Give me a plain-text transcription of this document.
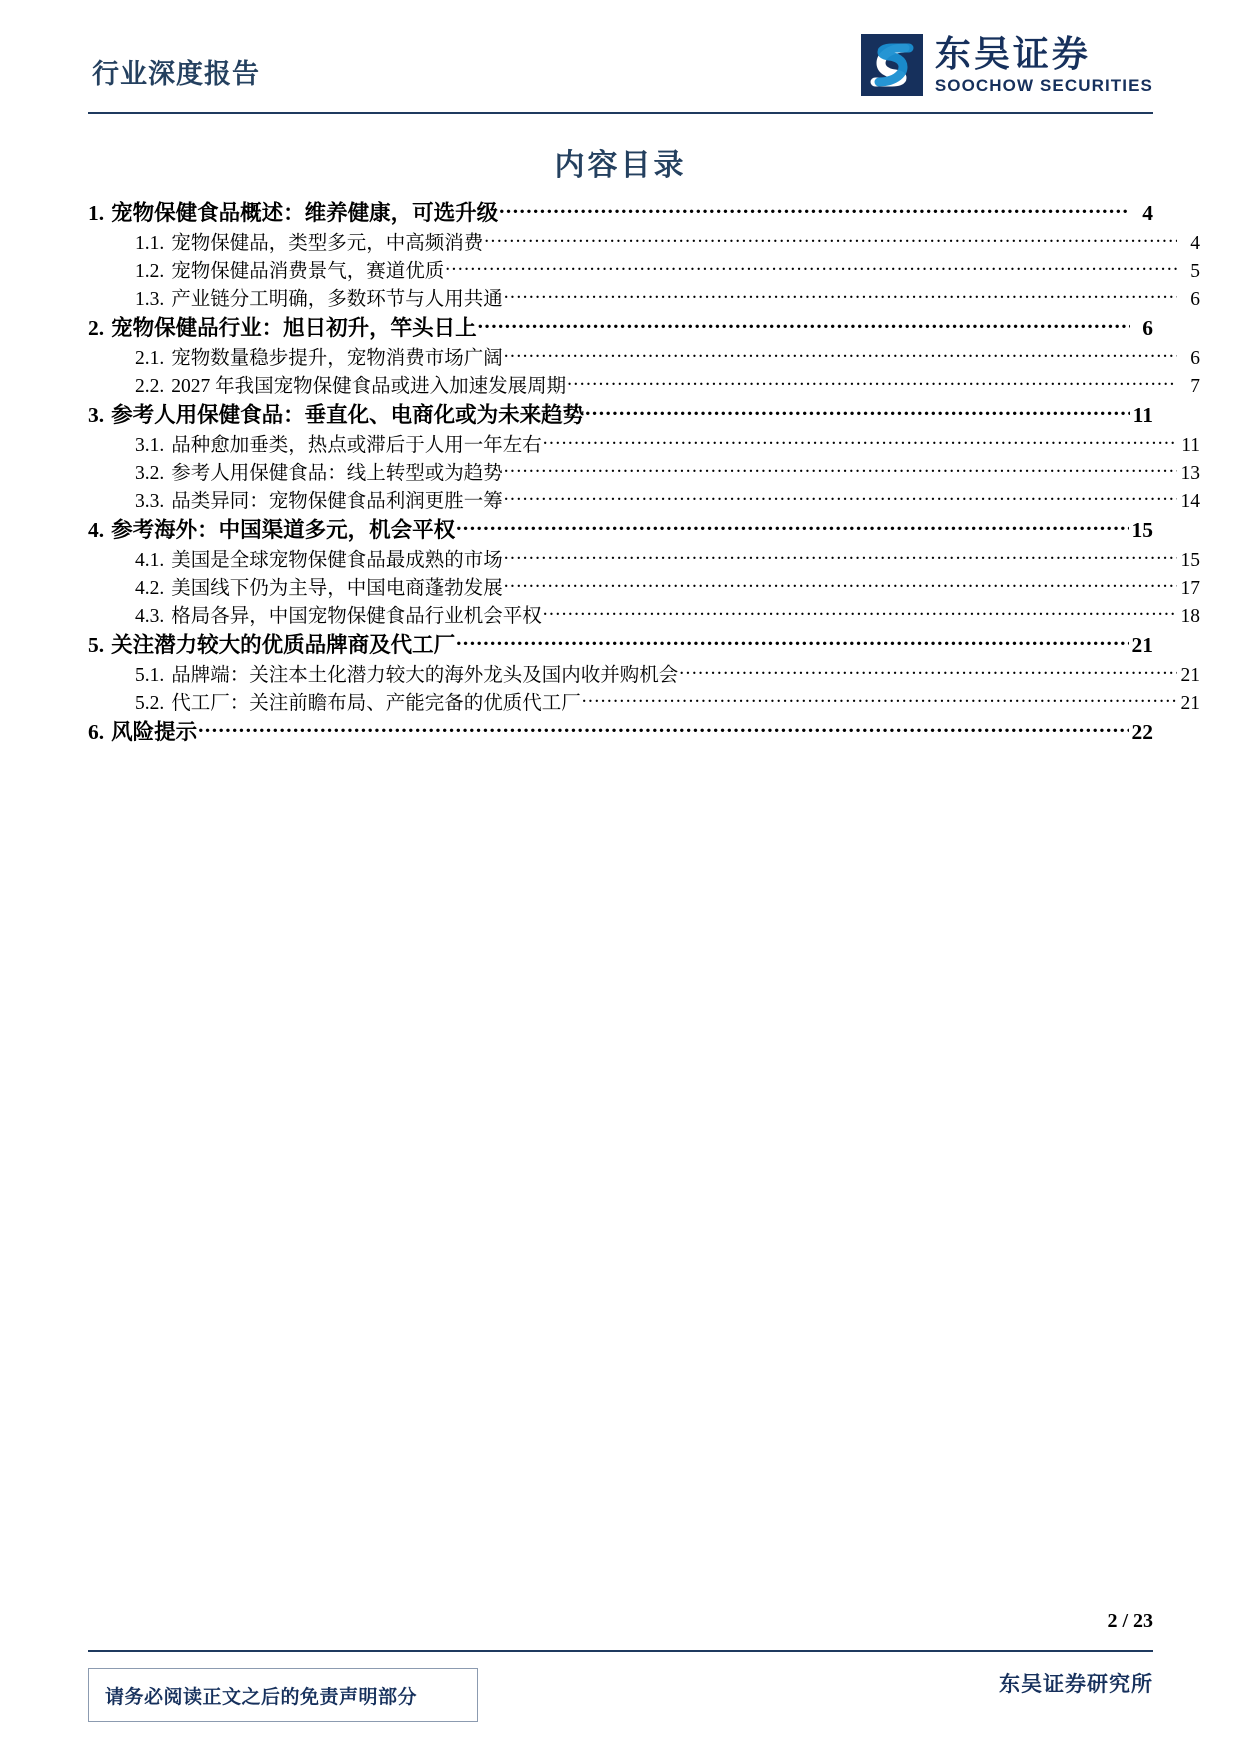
行业深度报告	东吴证券
SOOCHOW SECURITIES
内容目录
1. 宠物保健食品概述：维养健康，可选升级 .....	4
1.1. 宠物保健品，类型多元，中高频消费 .....	4
1.2. 宠物保健品消费景气，赛道优质 .....	5
1.3. 产业链分工明确，多数环节与人用共通 .....	6
2. 宠物保健品行业：旭日初升，竿头日上 .....	6
2.1. 宠物数量稳步提升，宠物消费市场广阔 .....	6
2.2. 2027 年我国宠物保健食品或进入加速发展周期 .....	7
3. 参考人用保健食品：垂直化、电商化或为未来趋势 .....	11
3.1. 品种愈加垂类，热点或滞后于人用一年左右 .....	11
3.2. 参考人用保健食品：线上转型或为趋势 .....	13
3.3. 品类异同：宠物保健食品利润更胜一筹 .....	14
4. 参考海外：中国渠道多元，机会平权 .....	15
4.1. 美国是全球宠物保健食品最成熟的市场 .....	15
4.2. 美国线下仍为主导，中国电商蓬勃发展 .....	17
4.3. 格局各异，中国宠物保健食品行业机会平权 .....	18
5. 关注潜力较大的优质品牌商及代工厂 .....	21
5.1. 品牌端：关注本土化潜力较大的海外龙头及国内收并购机会 .....	21
5.2. 代工厂：关注前瞻布局、产能完备的优质代工厂 .....	21
6. 风险提示 .....	22
2 / 23
东吴证券研究所
请务必阅读正文之后的免责声明部分
